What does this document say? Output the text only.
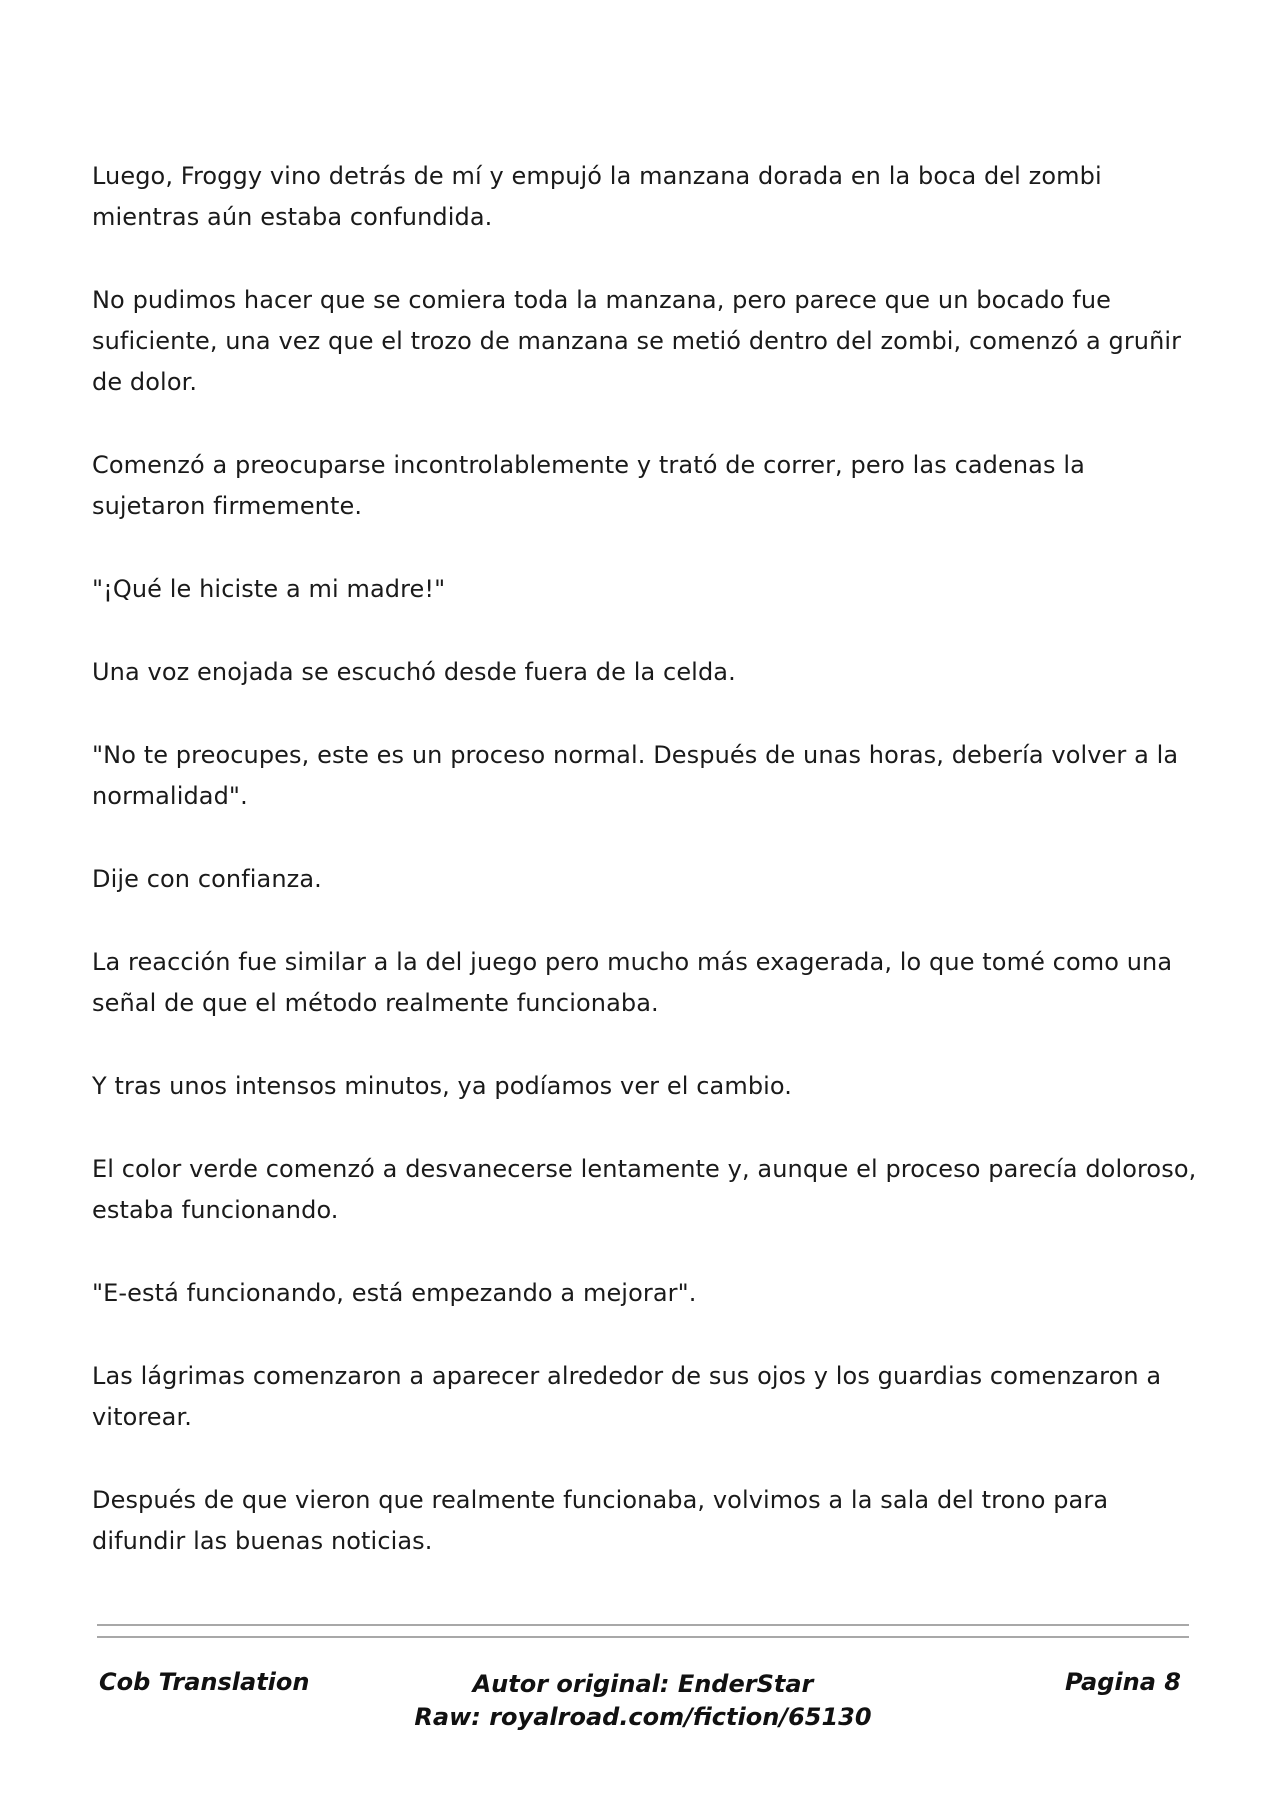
Luego, Froggy vino detrás de mí y empujó la manzana dorada en la boca del zombi mientras aún estaba confundida.

No pudimos hacer que se comiera toda la manzana, pero parece que un bocado fue suficiente, una vez que el trozo de manzana se metió dentro del zombi, comenzó a gruñir de dolor.

Comenzó a preocuparse incontrolablemente y trató de correr, pero las cadenas la sujetaron firmemente.

"¡Qué le hiciste a mi madre!"

Una voz enojada se escuchó desde fuera de la celda.

"No te preocupes, este es un proceso normal. Después de unas horas, debería volver a la normalidad".

Dije con confianza.

La reacción fue similar a la del juego pero mucho más exagerada, lo que tomé como una señal de que el método realmente funcionaba.

Y tras unos intensos minutos, ya podíamos ver el cambio.

El color verde comenzó a desvanecerse lentamente y, aunque el proceso parecía doloroso, estaba funcionando.

"E-está funcionando, está empezando a mejorar".

Las lágrimas comenzaron a aparecer alrededor de sus ojos y los guardias comenzaron a vitorear.

Después de que vieron que realmente funcionaba, volvimos a la sala del trono para difundir las buenas noticias.

Cob Translation	Autor original: EnderStar
Raw: royalroad.com/fiction/65130
Pagina 8
